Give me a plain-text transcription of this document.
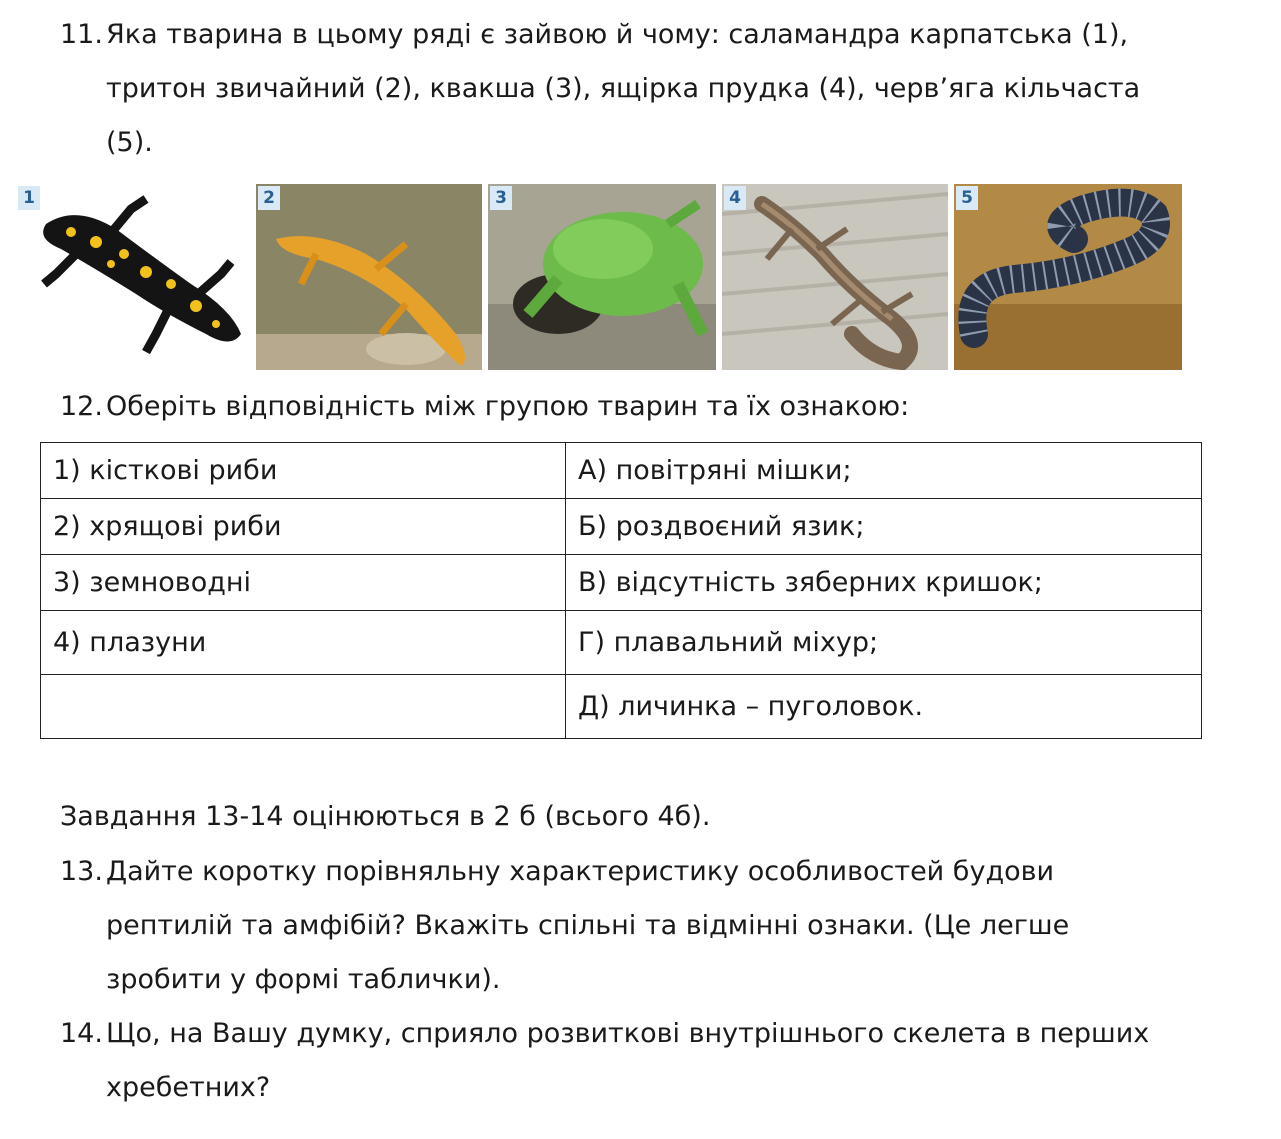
11. Яка тварина в цьому ряді є зайвою й чому: саламандра карпатська (1),
тритон звичайний (2), квакша (3), ящірка прудка (4), черв’яга кільчаста
(5).
1	2	3	4	5
12. Оберіть відповідність між групою тварин та їх ознакою:
1) кісткові риби	А) повітряні мішки;
2) хрящові риби	Б) роздвоєний язик;
3) земноводні	В) відсутність зяберних кришок;
4) плазуни	Г) плавальний міхур;
	Д) личинка – пуголовок.
Завдання 13-14 оцінюються в 2 б (всього 4б).
13. Дайте коротку порівняльну характеристику особливостей будови
рептилій та амфібій? Вкажіть спільні та відмінні ознаки. (Це легше
зробити у формі таблички).
14. Що, на Вашу думку, сприяло розвиткові внутрішнього скелета в перших
хребетних?
